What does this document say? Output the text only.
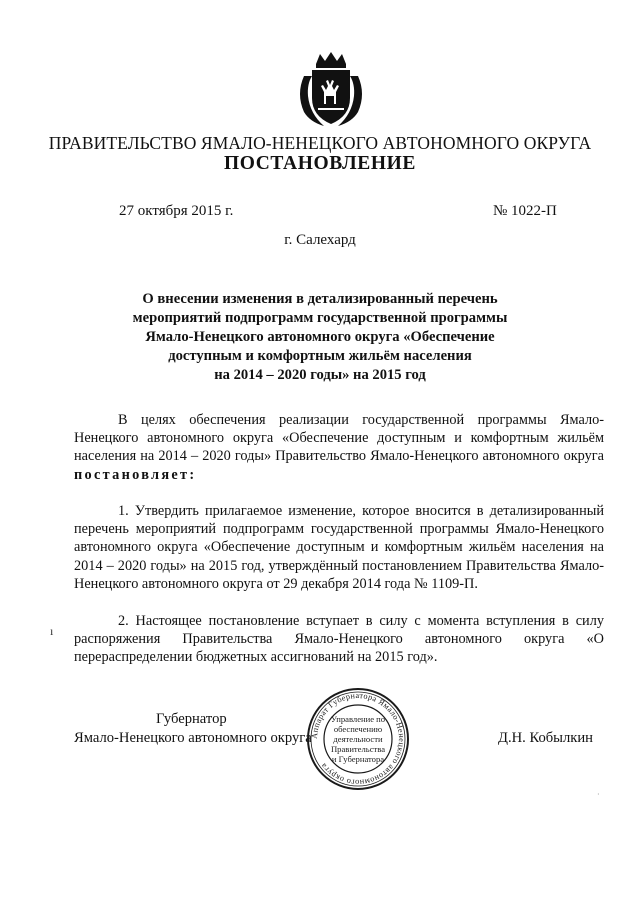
ПРАВИТЕЛЬСТВО ЯМАЛО-НЕНЕЦКОГО АВТОНОМНОГО ОКРУГА
ПОСТАНОВЛЕНИЕ
27 октября 2015 г.	№ 1022-П
г. Салехард
О внесении изменения в детализированный перечень
мероприятий подпрограмм государственной программы
Ямало-Ненецкого автономного округа «Обеспечение
доступным и комфортным жильём населения
на 2014 – 2020 годы» на 2015 год
В целях обеспечения реализации государственной программы Ямало-Ненецкого автономного округа «Обеспечение доступным и комфортным жильём населения на 2014 – 2020 годы» Правительство Ямало-Ненецкого автономного округа постановляет:
1. Утвердить прилагаемое изменение, которое вносится в детализированный перечень мероприятий подпрограмм государственной программы Ямало-Ненецкого автономного округа «Обеспечение доступным и комфортным жильём населения на 2014 – 2020 годы» на 2015 год, утверждённый постановлением Правительства Ямало-Ненецкого автономного округа от 29 декабря 2014 года № 1109-П.
2. Настоящее постановление вступает в силу с момента вступления в силу распоряжения Правительства Ямало-Ненецкого автономного округа «О перераспределении бюджетных ассигнований на 2015 год».
ı
·
Губернатор
Ямало-Ненецкого автономного округа	Д.Н. Кобылкин
Аппарат Губернатора Ямало-Ненецкого автономного округа
Управление по
обеспечению
деятельности
Правительства
и Губернатора
